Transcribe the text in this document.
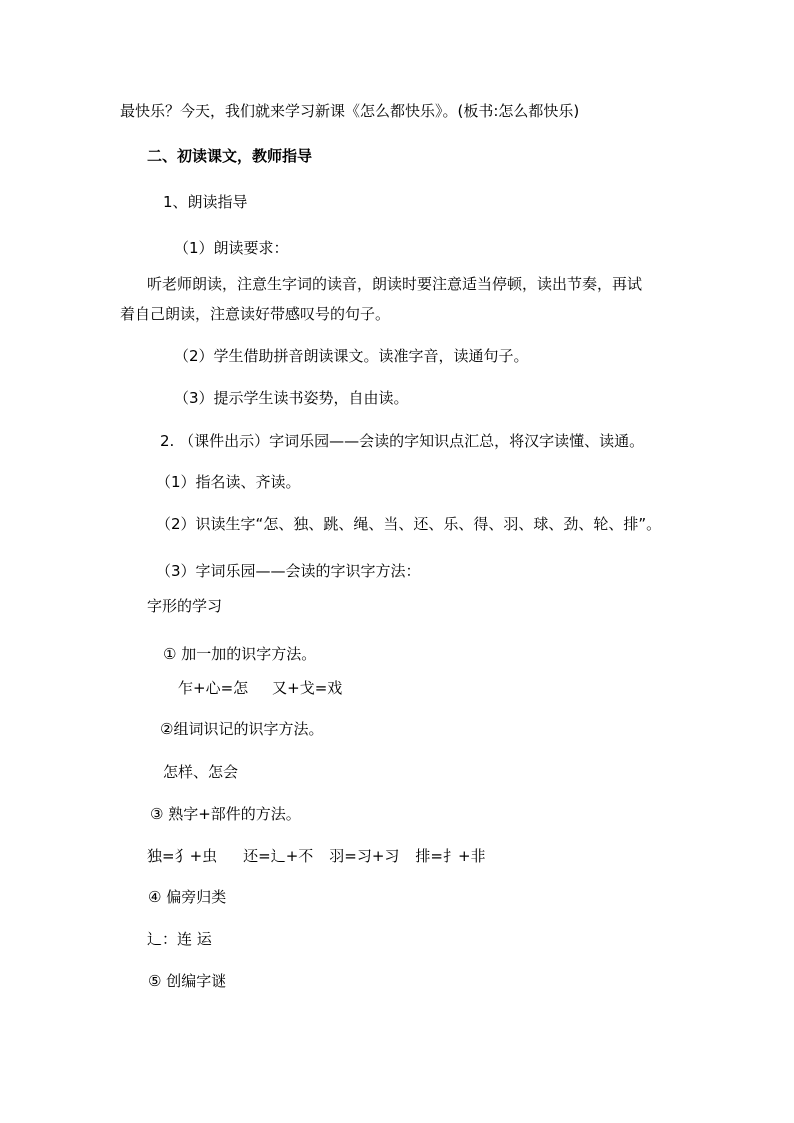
最快乐？今天，我们就来学习新课《怎么都快乐》。(板书:怎么都快乐)
二、初读课文，教师指导
1、朗读指导
（1）朗读要求：
听老师朗读，注意生字词的读音，朗读时要注意适当停顿，读出节奏，再试
着自己朗读，注意读好带感叹号的句子。
（2）学生借助拼音朗读课文。读准字音，读通句子。
（3）提示学生读书姿势，自由读。
2. （课件出示）字词乐园——会读的字知识点汇总，将汉字读懂、读通。
（1）指名读、齐读。
（2）识读生字“怎、独、跳、绳、当、还、乐、得、羽、球、劲、轮、排”。
（3）字词乐园——会读的字识字方法：
字形的学习
① 加一加的识字方法。
乍+心=怎 又+戈=戏
②组词识记的识字方法。
怎样、怎会
③ 熟字+部件的方法。
独=犭+虫 还=辶+不 羽=习+习 排=扌+非
④ 偏旁归类
辶：连 运
⑤ 创编字谜
